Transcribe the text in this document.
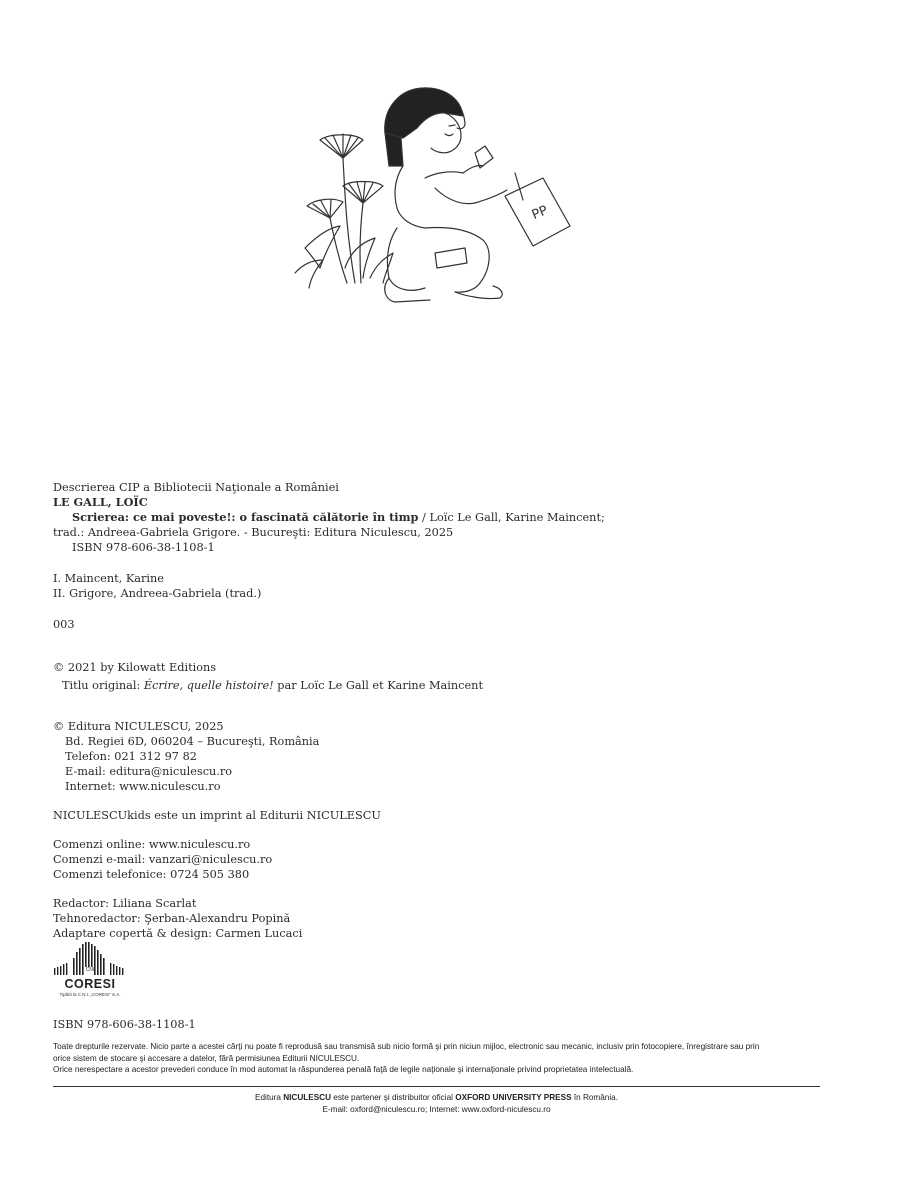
PP
Descrierea CIP a Bibliotecii Naţionale a României
LE GALL, LOÏC
Scrierea: ce mai poveste!: o fascinată călătorie în timp / Loïc Le Gall, Karine Maincent;
trad.: Andreea-Gabriela Grigore. - Bucureşti: Editura Niculescu, 2025
ISBN 978-606-38-1108-1
I. Maincent, Karine
II. Grigore, Andreea-Gabriela (trad.)
003
© 2021 by Kilowatt Editions
Titlu original: Écrire, quelle histoire! par Loïc Le Gall et Karine Maincent
© Editura NICULESCU, 2025
Bd. Regiei 6D, 060204 – Bucureşti, România
Telefon: 021 312 97 82
E-mail: editura@niculescu.ro
Internet: www.niculescu.ro
NICULESCUkids este un imprint al Editurii NICULESCU
Comenzi online: www.niculescu.ro
Comenzi e-mail: vanzari@niculescu.ro
Comenzi telefonice: 0724 505 380
Redactor: Liliana Scarlat
Tehnoredactor: Şerban-Alexandru Popină
Adaptare copertă & design: Carmen Lucaci
CNI
CORESI
Tipărit la C.N.I. „CORESI” S.A.
ISBN 978-606-38-1108-1
Toate drepturile rezervate. Nicio parte a acestei cărţi nu poate fi reprodusă sau transmisă sub nicio formă şi prin niciun mijloc, electronic sau mecanic, inclusiv prin fotocopiere, înregistrare sau prin
orice sistem de stocare şi accesare a datelor, fără permisiunea Editurii NICULESCU.
Orice nerespectare a acestor prevederi conduce în mod automat la răspunderea penală faţă de legile naţionale şi internaţionale privind proprietatea intelectuală.
Editura NICULESCU este partener şi distribuitor oficial OXFORD UNIVERSITY PRESS în România.
E-mail: oxford@niculescu.ro; Internet: www.oxford-niculescu.ro
